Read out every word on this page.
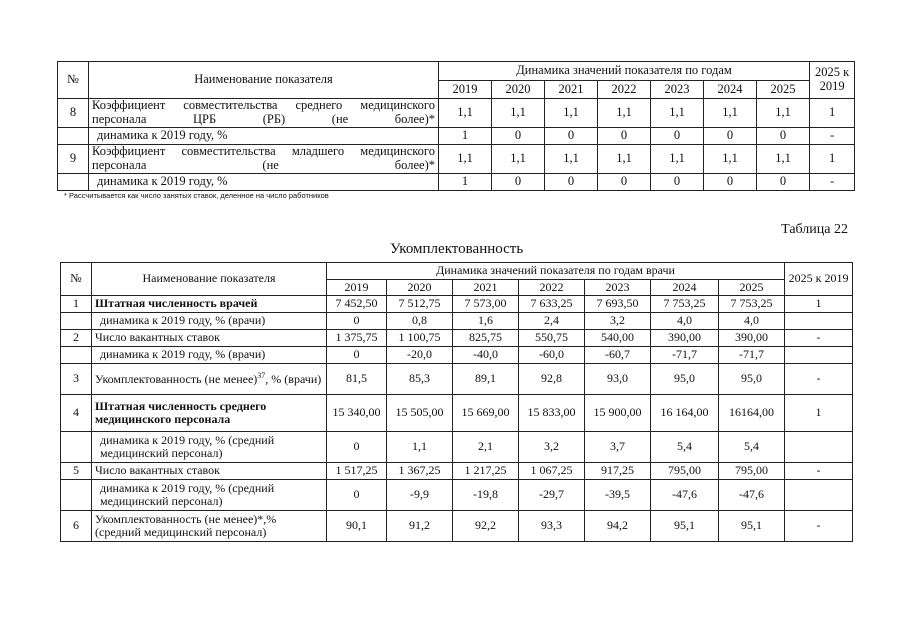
№	Наименование показателя	Динамика значений показателя по годам							2025 к 2019
		2019	2020	2021	2022	2023	2024	2025	
8	Коэффициент совместительства среднего медицинского персонала ЦРБ (РБ) (не более)*	1,1	1,1	1,1	1,1	1,1	1,1	1,1	1
	динамика к 2019 году, %	1	0	0	0	0	0	0	-
9	Коэффициент совместительства младшего медицинского персонала (не более)*	1,1	1,1	1,1	1,1	1,1	1,1	1,1	1
	динамика к 2019 году, %	1	0	0	0	0	0	0	-
* Рассчитывается как число занятых ставок, деленное на число работников
Таблица 22
Укомплектованность
№	Наименование показателя	Динамика значений показателя по годам врачи							2025 к 2019
		2019	2020	2021	2022	2023	2024	2025	
1	Штатная численность врачей	7 452,50	7 512,75	7 573,00	7 633,25	7 693,50	7 753,25	7 753,25	1
	динамика к 2019 году, % (врачи)	0	0,8	1,6	2,4	3,2	4,0	4,0	
2	Число вакантных ставок	1 375,75	1 100,75	825,75	550,75	540,00	390,00	390,00	-
	динамика к 2019 году, % (врачи)	0	-20,0	-40,0	-60,0	-60,7	-71,7	-71,7	
3	Укомплектованность (не менее)$^{37}$, % (врачи)	81,5	85,3	89,1	92,8	93,0	95,0	95,0	-
4	Штатная численность среднего медицинского персонала	15 340,00	15 505,00	15 669,00	15 833,00	15 900,00	16 164,00	16164,00	1
	динамика к 2019 году, % (средний медицинский персонал)	0	1,1	2,1	3,2	3,7	5,4	5,4	
5	Число вакантных ставок	1 517,25	1 367,25	1 217,25	1 067,25	917,25	795,00	795,00	-
	динамика к 2019 году, % (средний медицинский персонал)	0	-9,9	-19,8	-29,7	-39,5	-47,6	-47,6	
6	Укомплектованность (не менее)*,% (средний медицинский персонал)	90,1	91,2	92,2	93,3	94,2	95,1	95,1	-
